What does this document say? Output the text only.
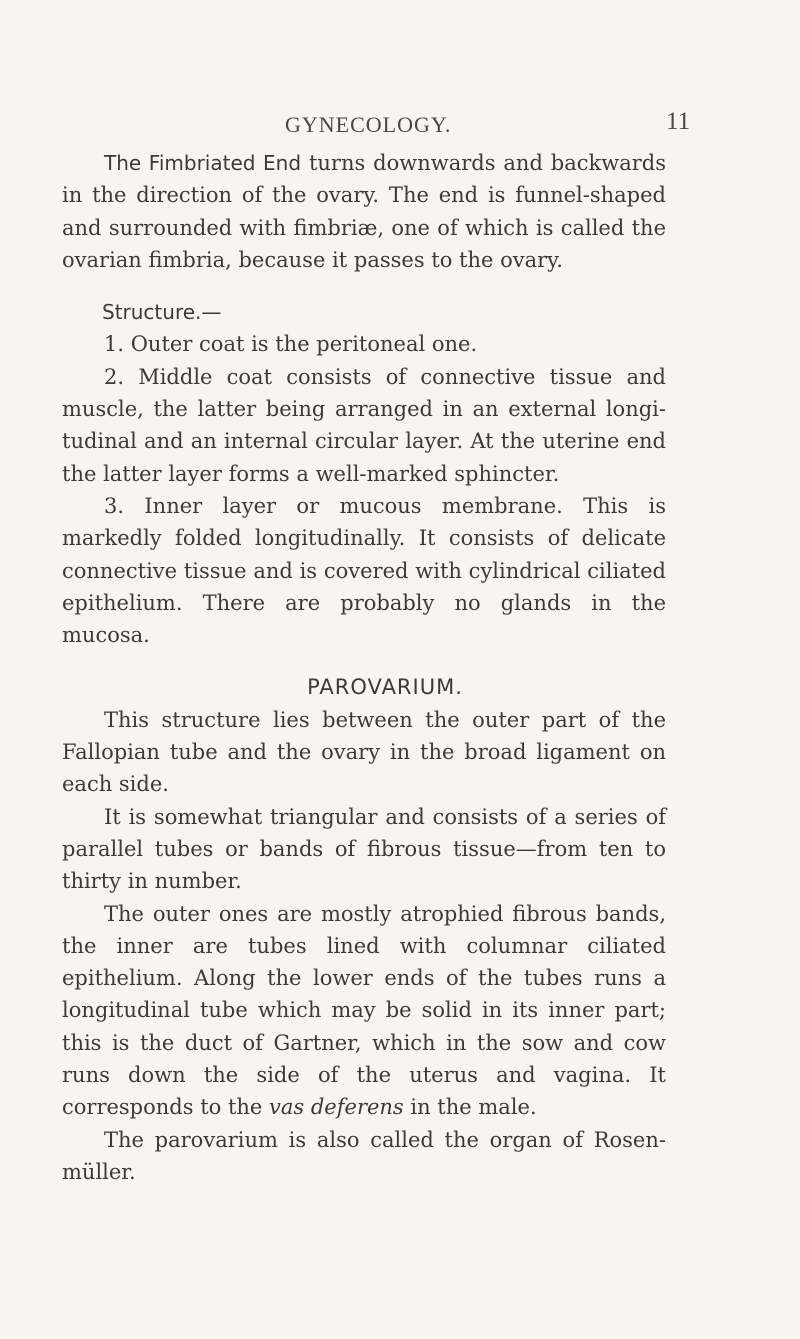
GYNECOLOGY.	11

The Fimbriated End turns downwards and backwards in the direction of the ovary. The end is funnel-shaped and surrounded with fimbriæ, one of which is called the ovarian fimbria, because it passes to the ovary.

Structure.—

1. Outer coat is the peritoneal one.

2. Middle coat consists of connective tissue and muscle, the latter being arranged in an external longitudinal and an internal circular layer. At the uterine end the latter layer forms a well-marked sphincter.

3. Inner layer or mucous membrane. This is markedly folded longitudinally. It consists of delicate connective tissue and is covered with cylindrical ciliated epithelium. There are probably no glands in the mucosa.

PAROVARIUM.

This structure lies between the outer part of the Fallopian tube and the ovary in the broad ligament on each side.

It is somewhat triangular and consists of a series of parallel tubes or bands of fibrous tissue—from ten to thirty in number.

The outer ones are mostly atrophied fibrous bands, the inner are tubes lined with columnar ciliated epithelium. Along the lower ends of the tubes runs a longitudinal tube which may be solid in its inner part; this is the duct of Gartner, which in the sow and cow runs down the side of the uterus and vagina. It corresponds to the vas deferens in the male.

The parovarium is also called the organ of Rosenmüller.
